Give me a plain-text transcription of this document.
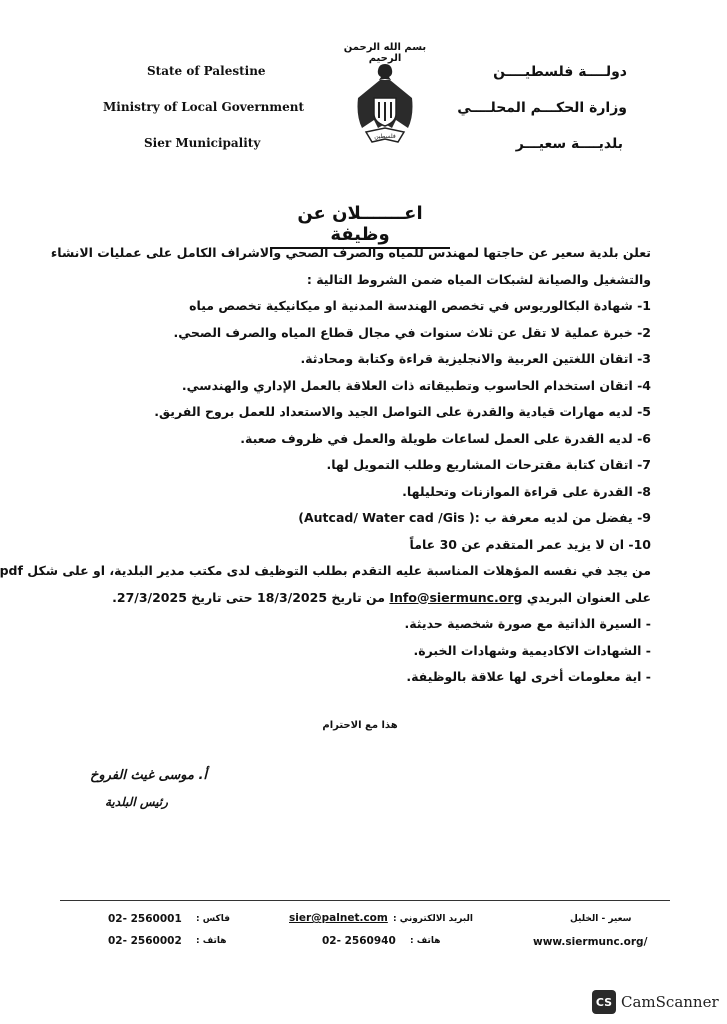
بسم الله الرحمن الرحيم
State of Palestine
Ministry of Local Government
Sier Municipality
دولــــة فلسطيــــن
وزارة الحكـــم المحلــــي
بلديــــة سعيـــر
فلسطين
اعـــــــلان عن وظيفة
تعلن بلدية سعير عن حاجتها لمهندس للمياه والصرف الصحي والاشراف الكامل على عمليات الانشاء
والتشغيل والصيانة لشبكات المياه ضمن الشروط التالية :
1- شهادة البكالوريوس في تخصص الهندسة المدنية او ميكانيكية تخصص مياه
2- خبرة عملية لا تقل عن ثلاث سنوات في مجال قطاع المياه والصرف الصحي.
3- اتقان اللغتين العربية والانجليزية قراءة وكتابة ومحادثة.
4- اتقان استخدام الحاسوب وتطبيقاته ذات العلاقة بالعمل الإداري والهندسي.
5- لديه مهارات قيادية والقدرة على التواصل الجيد والاستعداد للعمل بروح الفريق.
6- لديه القدرة على العمل لساعات طويلة والعمل في ظروف صعبة.
7- اتقان كتابة مقترحات المشاريع وطلب التمويل لها.
8- القدرة على قراءة الموازنات وتحليلها.
9- يفضل من لديه معرفة ب :( Autcad/ Water cad /Gis)
10- ان لا يزيد عمر المتقدم عن 30 عاماً
من يجد في نفسه المؤهلات المناسبة عليه التقدم بطلب التوظيف لدى مكتب مدير البلدية، او على شكل pdf
على العنوان البريدي Info@siermunc.org من تاريخ 18/3/2025 حتى تاريخ 27/3/2025.
- السيرة الذاتية مع صورة شخصية حديثة.
- الشهادات الاكاديمية وشهادات الخبرة.
- اية معلومات أخرى لها علاقة بالوظيفة.
هذا مع الاحترام
أ. موسى غيث الفروخ
رئيس البلدية
02- 2560001 فاكس :
02- 2560002 هاتف :
sier@palnet.com البريد الالكتروني :
02- 2560940 هاتف :
سعير - الخليل
www.siermunc.org/
CS CamScanner
